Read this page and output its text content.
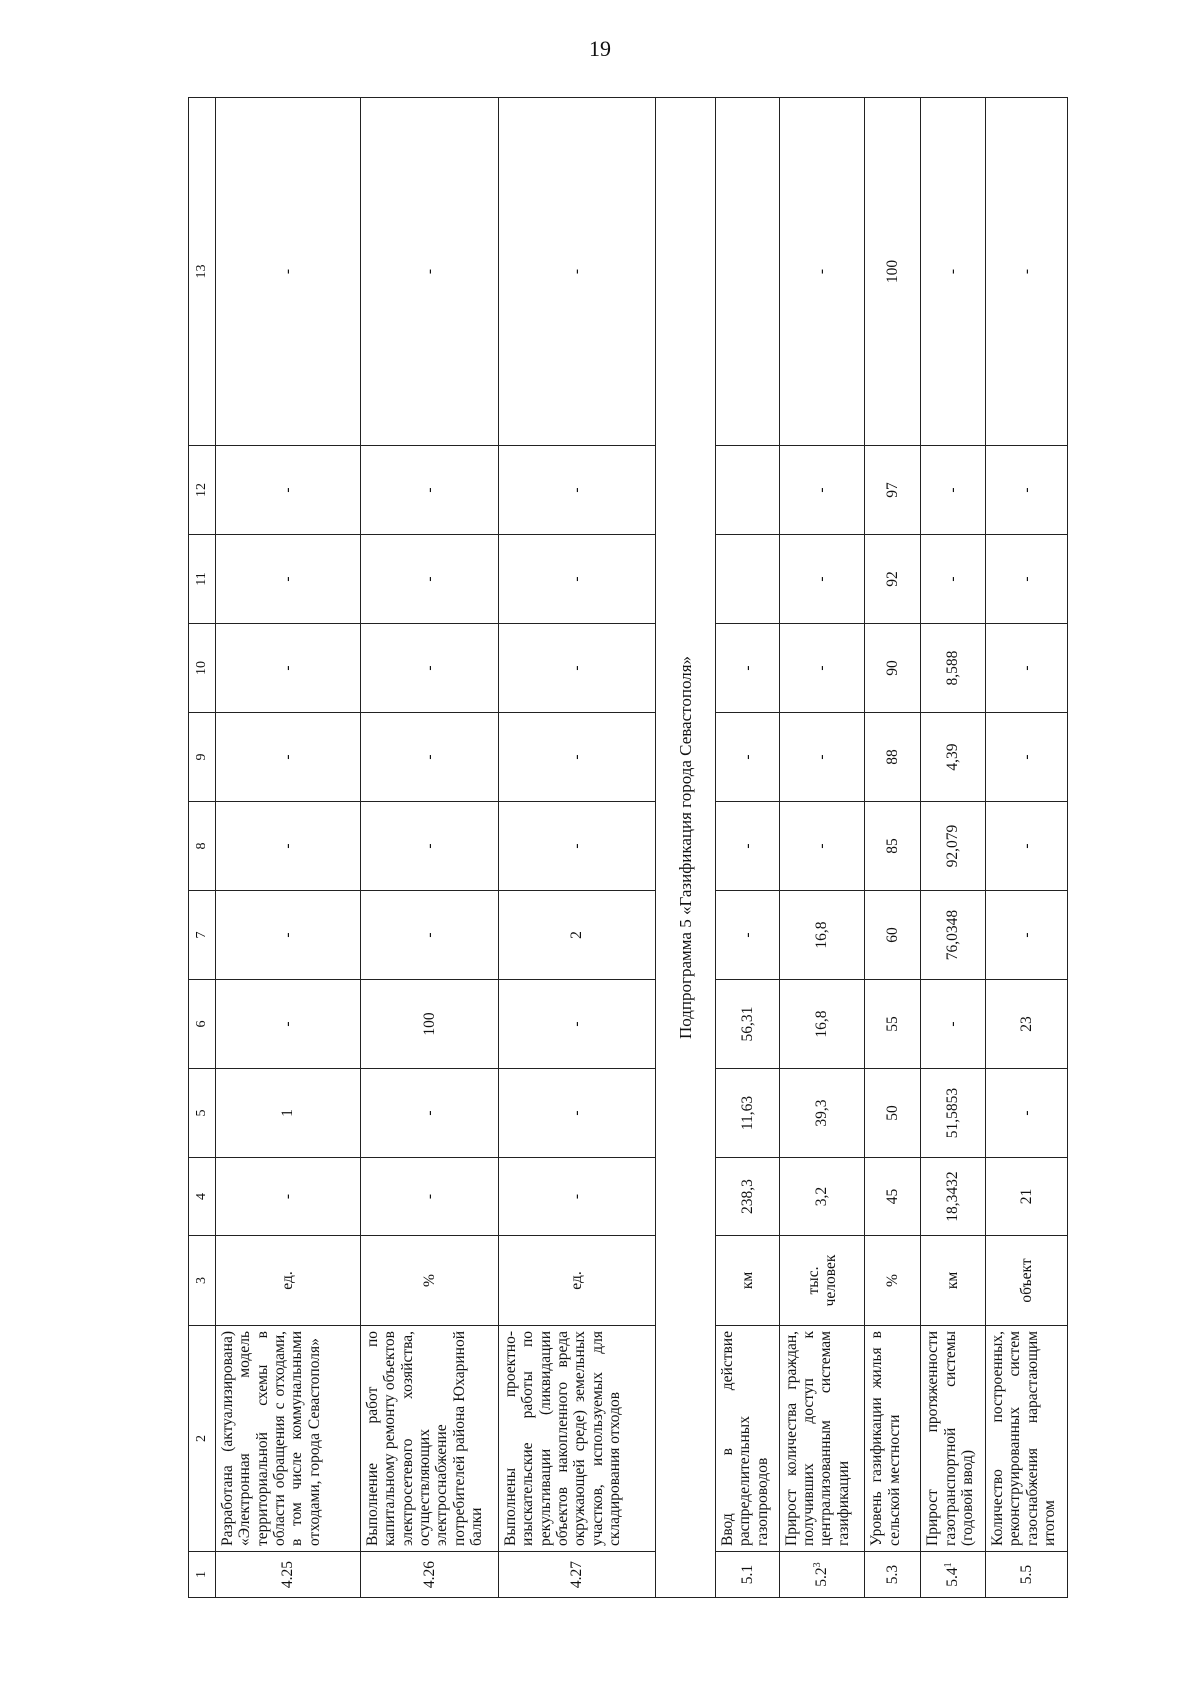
19
1	2	3	4	5	6	7	8	9	10	11	12	13
4.25	Разработана (актуализирована) «Электронная модель территориальной схемы в области обращения с отходами, в том числе коммунальными отходами, города Севастополя»	ед.	-	1	-	-	-	-	-	-	-	-
4.26	Выполнение работ по капитальному ремонту объектов электросетевого хозяйства, осуществляющих электроснабжение потребителей района Юхариной балки	%	-	-	100	-	-	-	-	-	-	-
4.27	Выполнены проектно-изыскательские работы по рекультивации (ликвидации объектов накопленного вреда окружающей среде) земельных участков, используемых для складирования отходов	ед.	-	-	-	2	-	-	-	-	-	-
Подпрограмма 5 «Газификация города Севастополя»												
5.1	Ввод в действие распределительных газопроводов	км	238,3	11,63	56,31	-	-	-	-			
$5.2^3$	Прирост количества граждан, получивших доступ к централизованным системам газификации	тыс. человек	3,2	39,3	16,8	16,8	-	-	-	-	-	-
5.3	Уровень газификации жилья в сельской местности	%	45	50	55	60	85	88	90	92	97	100
$5.4^1$	Прирост протяженности газотранспортной системы (годовой ввод)	км	18,3432	51,5853	-	76,0348	92,079	4,39	8,588	-	-	-
5.5	Количество построенных, реконструированных систем газоснабжения нарастающим итогом	объект	21	-	23	-	-	-	-	-	-	-
